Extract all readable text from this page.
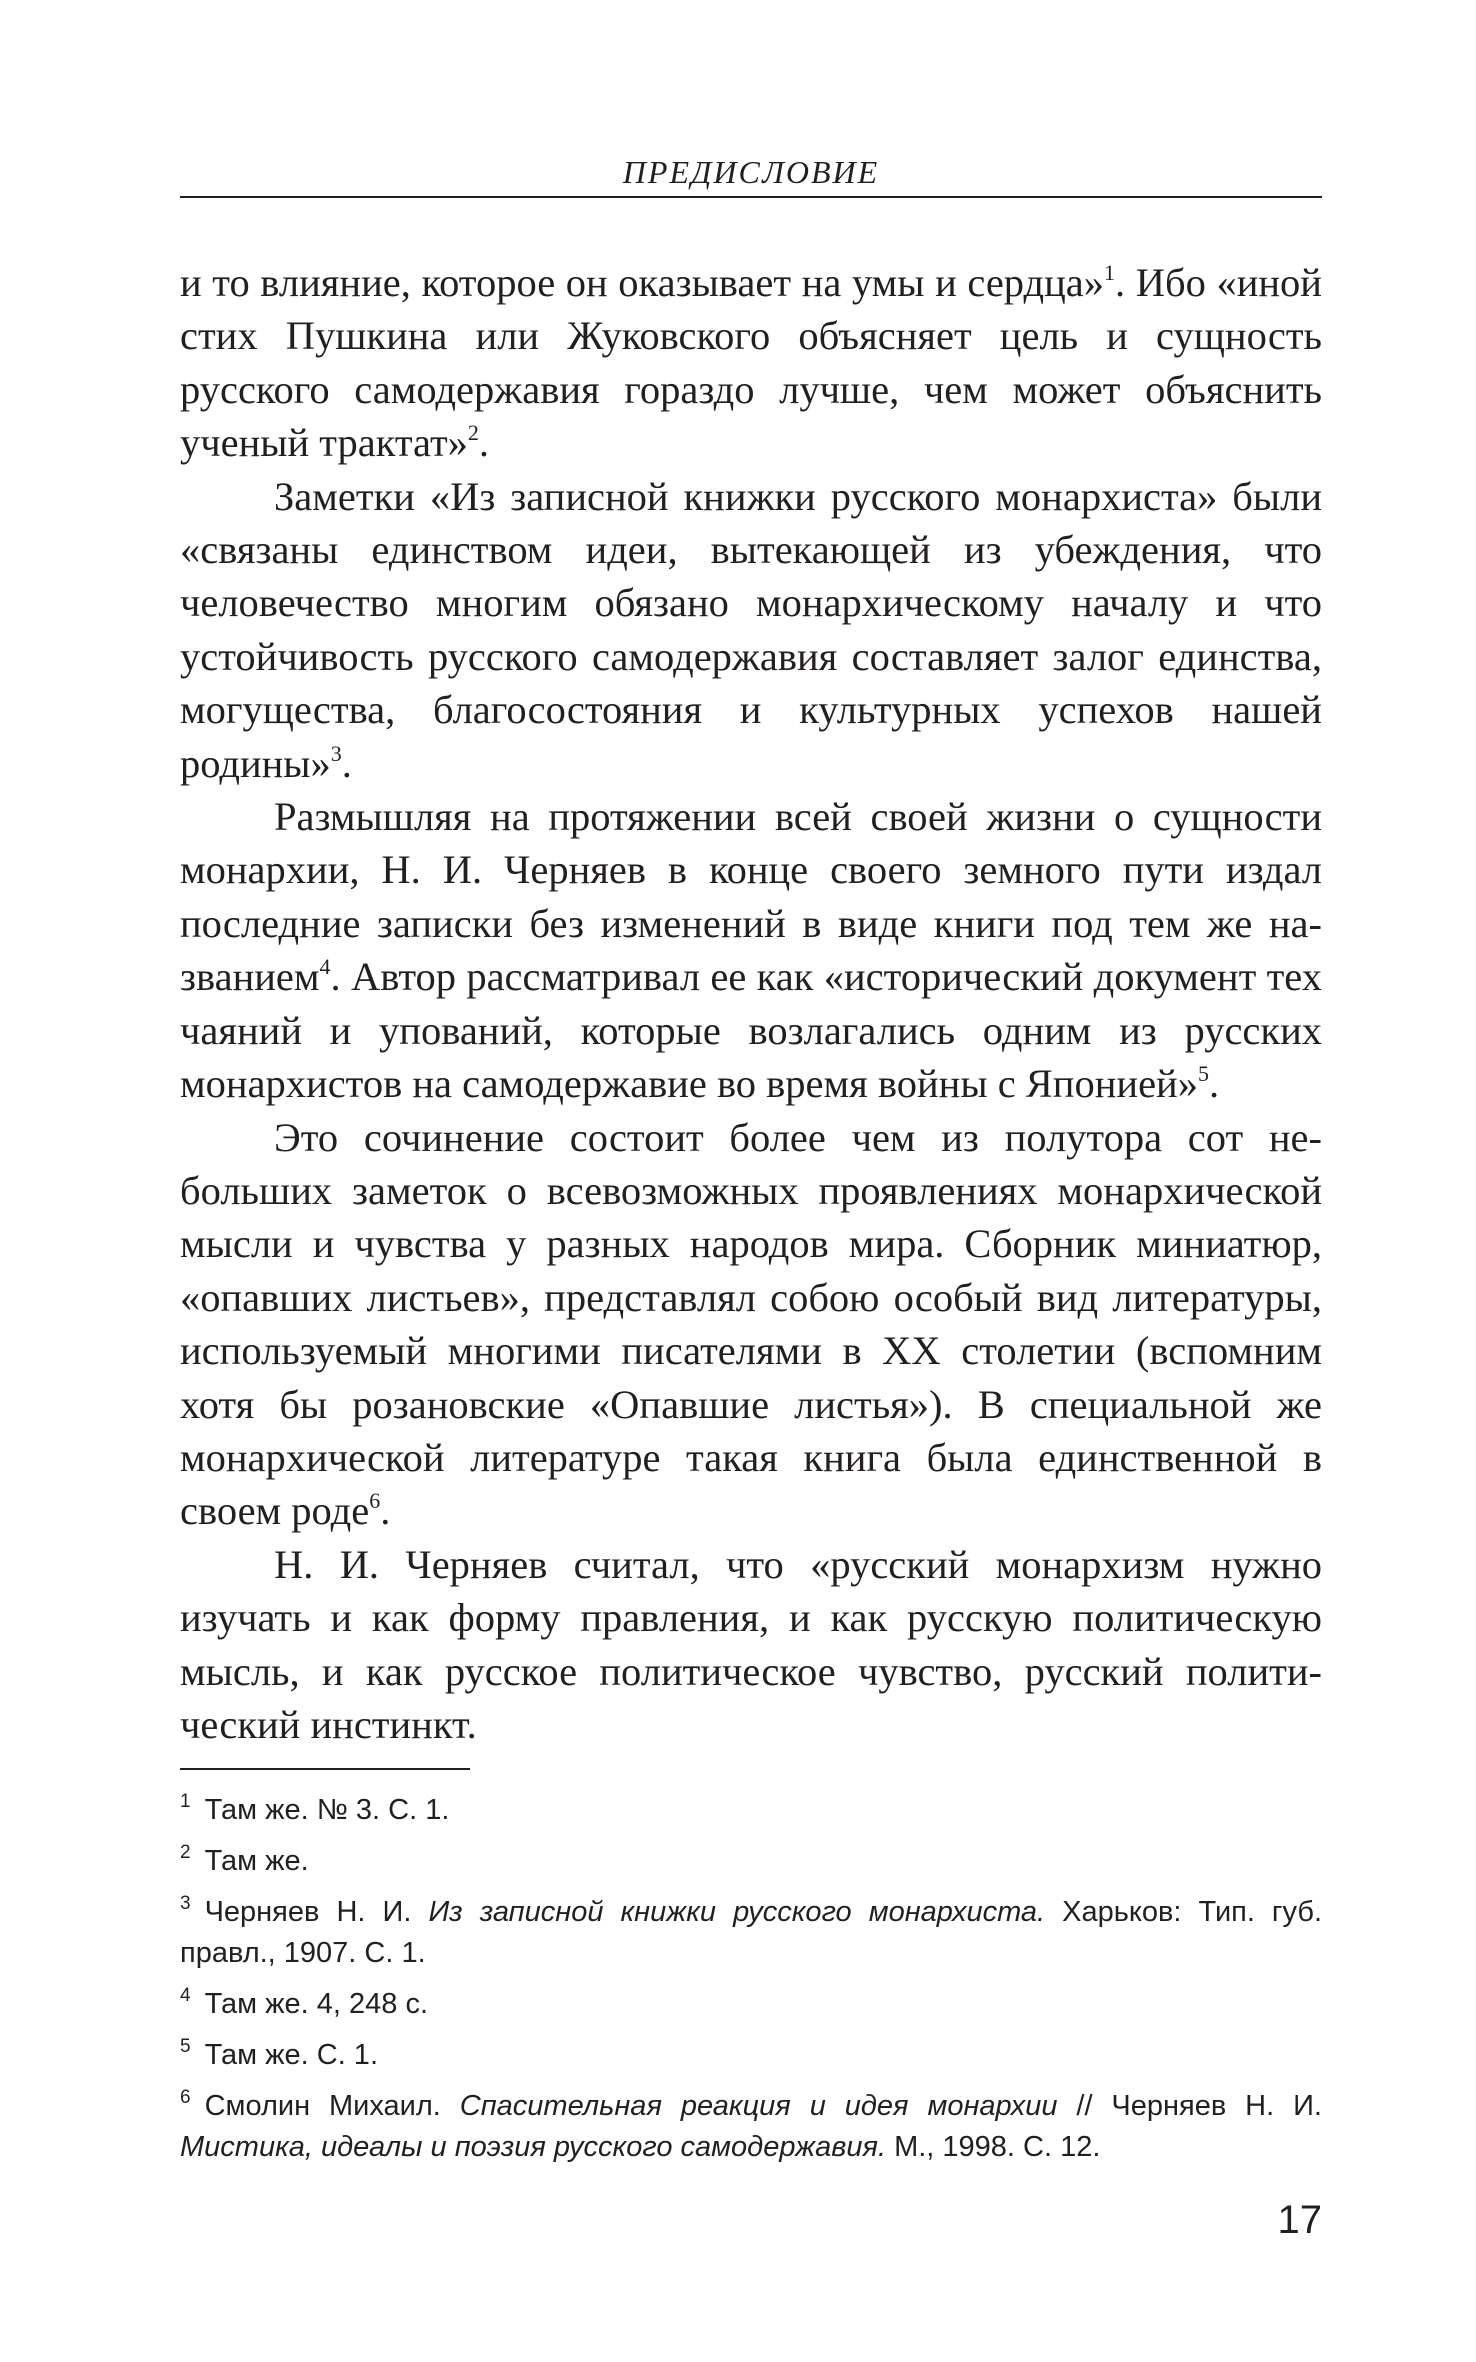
ПРЕДИСЛОВИЕ

и то влияние, которое он оказывает на умы и сердца»$^1$. Ибо «иной стих Пушкина или Жуковского объясняет цель и сущность русского самодержавия гораздо лучше, чем может объяснить ученый трактат»$^2$.

Заметки «Из записной книжки русского монархиста» были «связаны единством идеи, вытекающей из убеждения, что человечество многим обязано монархическому началу и что устойчивость русского самодержавия составляет залог единства, могущества, благосостояния и культурных успехов нашей родины»$^3$.

Размышляя на протяжении всей своей жизни о сущности монархии, Н. И. Черняев в конце своего земного пути издал последние записки без изменений в виде книги под тем же названием$^4$. Автор рассматривал ее как «исторический документ тех чаяний и упований, которые возлагались одним из русских монархистов на самодержавие во время войны с Японией»$^5$.

Это сочинение состоит более чем из полутора сот небольших заметок о всевозможных проявлениях монархической мысли и чувства у разных народов мира. Сборник миниатюр, «опавших листьев», представлял собою особый вид литературы, используемый многими писателями в XX столетии (вспомним хотя бы розановские «Опавшие листья»). В специальной же монархической литературе такая книга была единственной в своем роде$^6$.

Н. И. Черняев считал, что «русский монархизм нужно изучать и как форму правления, и как русскую политическую мысль, и как русское политическое чувство, русский политический инстинкт.

$^1$ Там же. № 3. С. 1.

$^2$ Там же.

$^3$ Черняев Н. И. Из записной книжки русского монархиста. Харьков: Тип. губ. правл., 1907. С. 1.

$^4$ Там же. 4, 248 с.

$^5$ Там же. С. 1.

$^6$ Смолин Михаил. Спасительная реакция и идея монархии // Черняев Н. И. Мистика, идеалы и поэзия русского самодержавия. М., 1998. С. 12.

17
